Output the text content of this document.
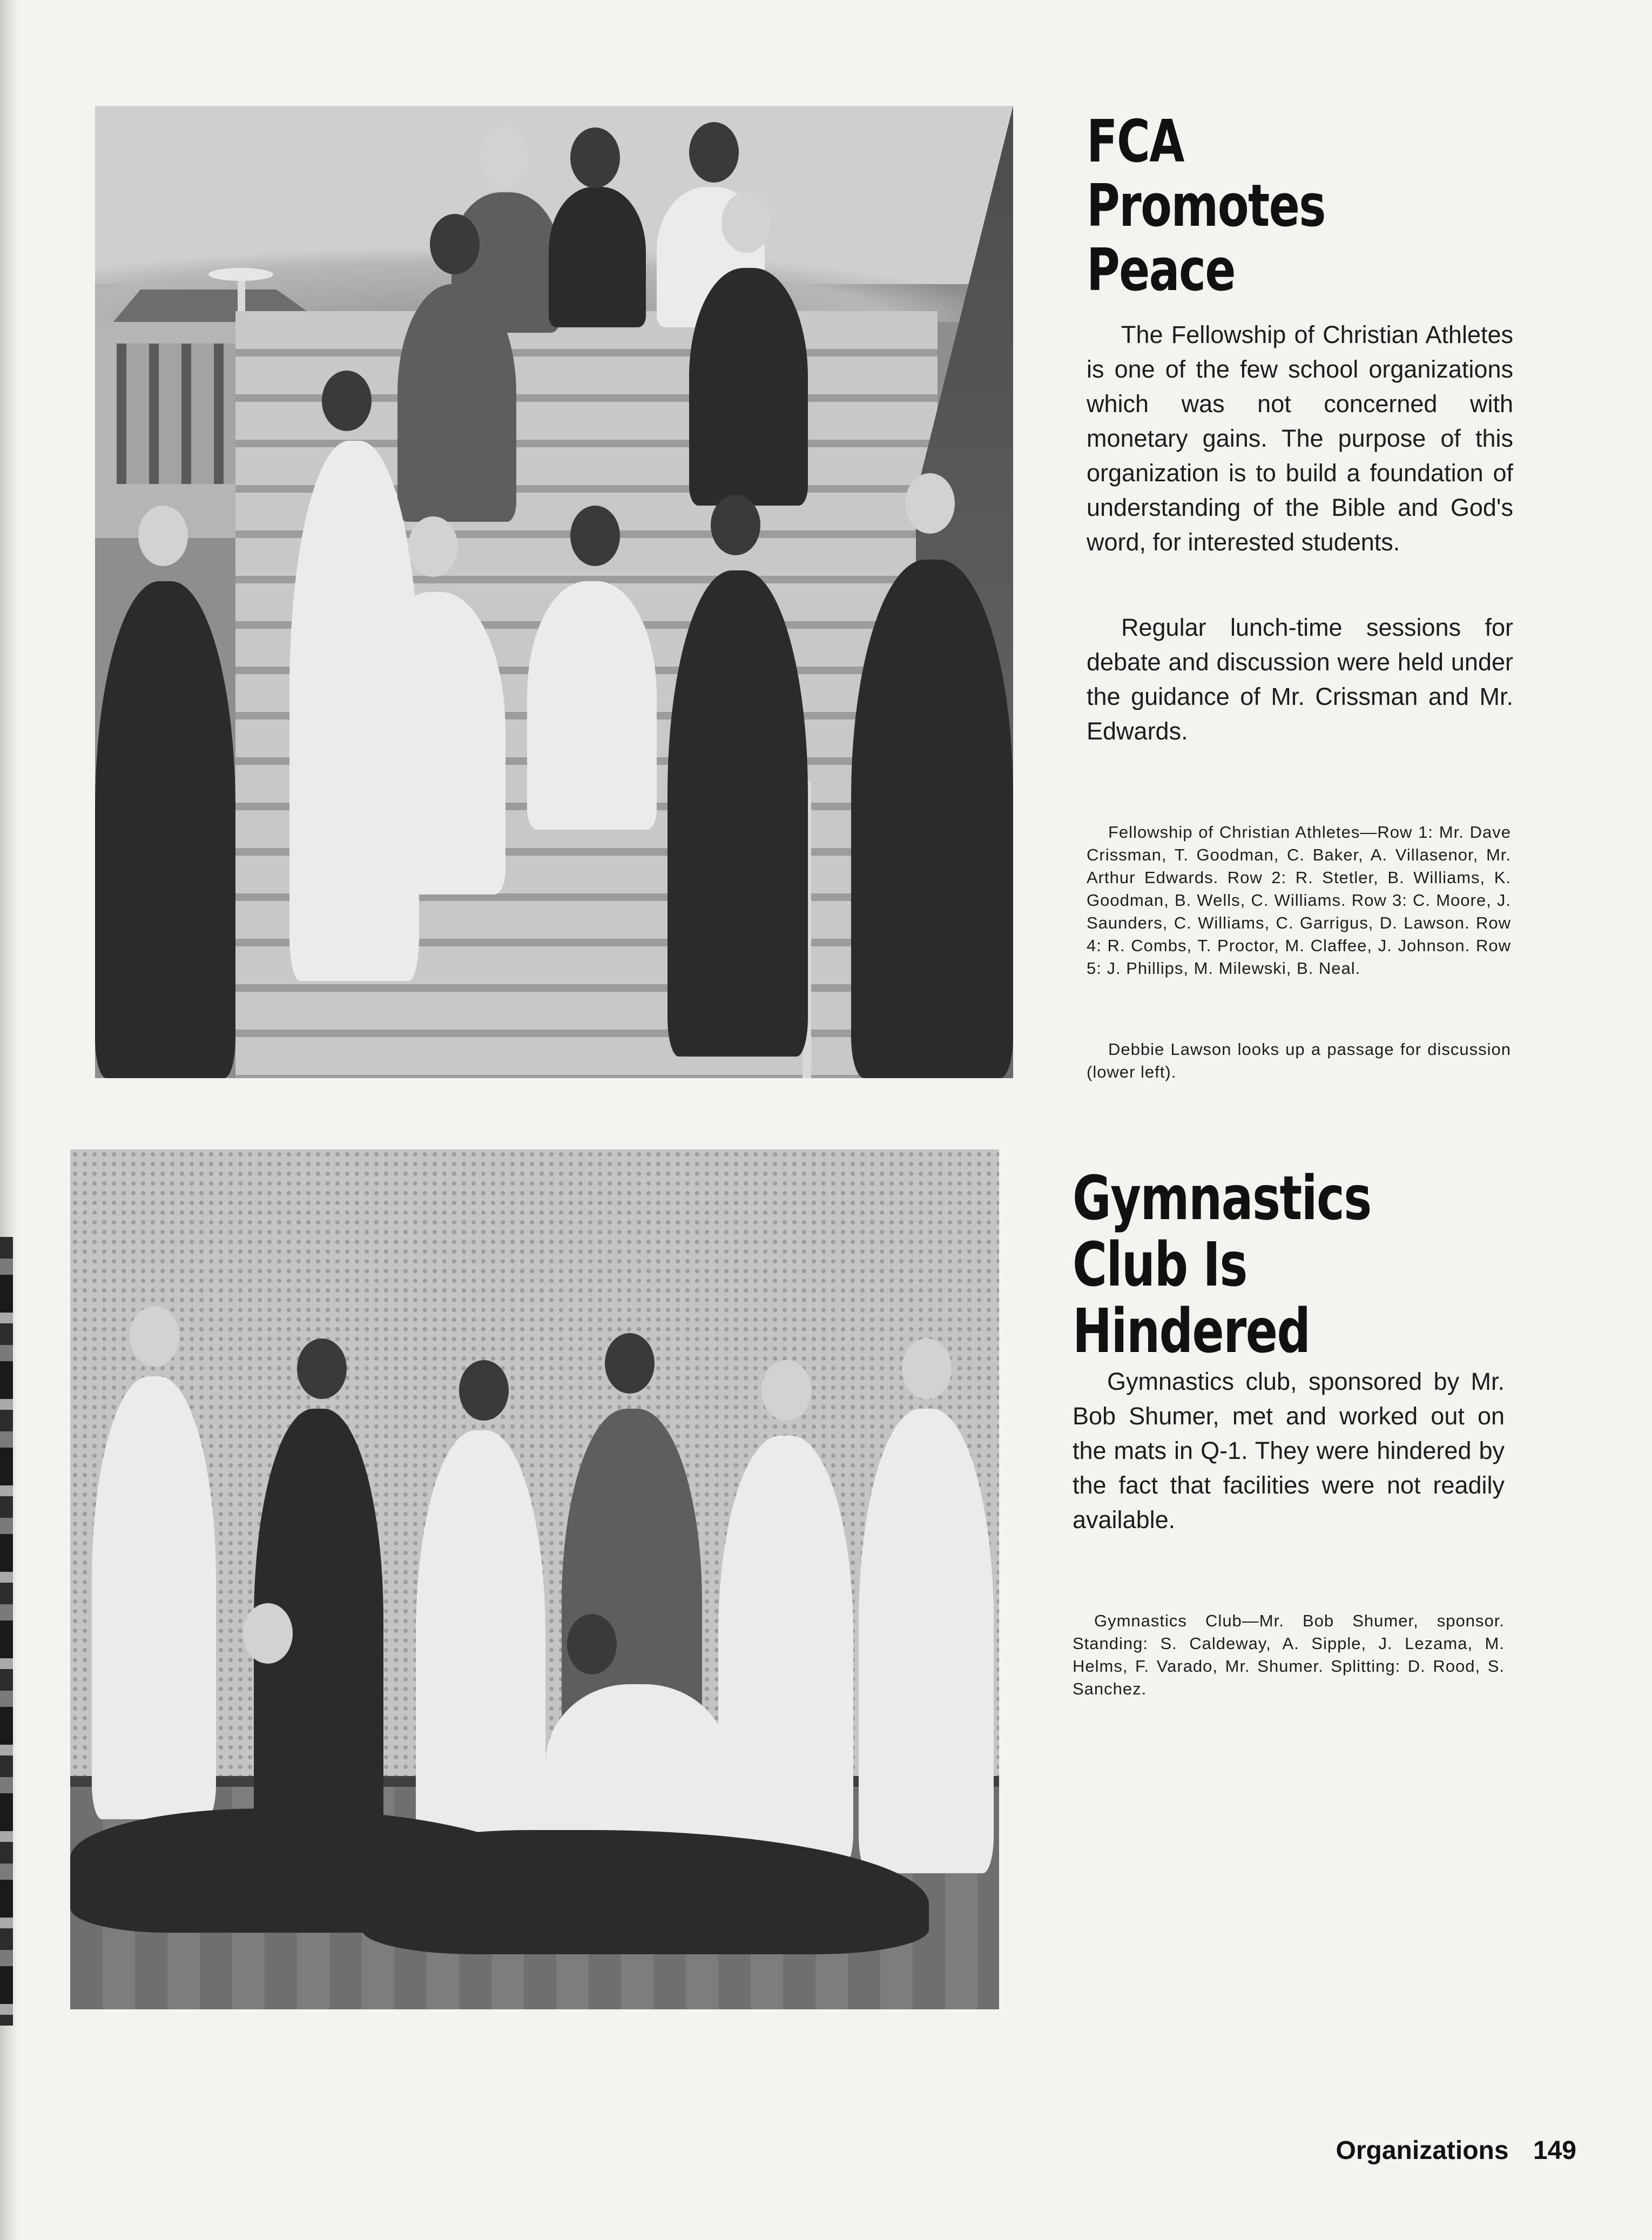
FCA Promotes Peace

The Fellowship of Christian Athletes is one of the few school organizations which was not concerned with monetary gains. The purpose of this organization is to build a foundation of understanding of the Bible and God's word, for interested students.

Regular lunch-time sessions for debate and discussion were held under the guidance of Mr. Crissman and Mr. Edwards.

Fellowship of Christian Athletes—Row 1: Mr. Dave Crissman, T. Goodman, C. Baker, A. Villasenor, Mr. Arthur Edwards. Row 2: R. Stetler, B. Williams, K. Goodman, B. Wells, C. Williams. Row 3: C. Moore, J. Saunders, C. Williams, C. Garrigus, D. Lawson. Row 4: R. Combs, T. Proctor, M. Claffee, J. Johnson. Row 5: J. Phillips, M. Milewski, B. Neal.

Debbie Lawson looks up a passage for discussion (lower left).

Gymnastics Club Is Hindered

Gymnastics club, sponsored by Mr. Bob Shumer, met and worked out on the mats in Q-1. They were hindered by the fact that facilities were not readily available.

Gymnastics Club—Mr. Bob Shumer, sponsor. Standing: S. Caldeway, A. Sipple, J. Lezama, M. Helms, F. Varado, Mr. Shumer. Splitting: D. Rood, S. Sanchez.

Organizations 149
